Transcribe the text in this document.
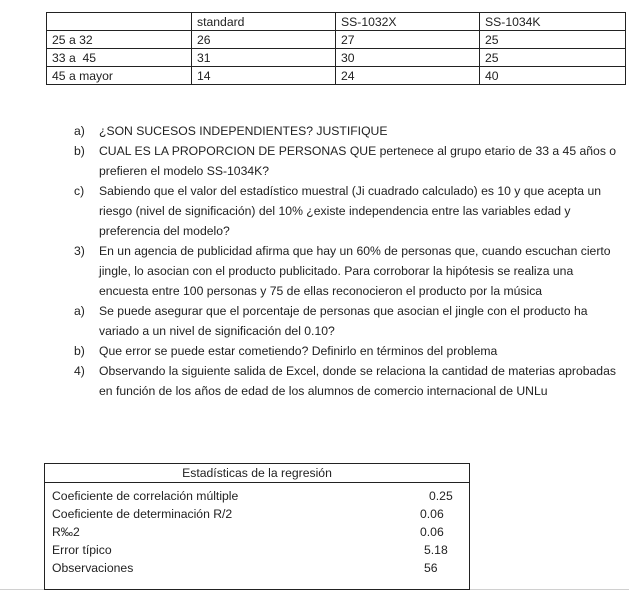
	standard	SS-1032X	SS-1034K
25 a 32	26	27	25
33 a  45	31	30	25
45 a mayor	14	24	40
a)	¿SON SUCESOS INDEPENDIENTES? JUSTIFIQUE
b)	CUAL ES LA PROPORCION DE PERSONAS QUE pertenece al grupo etario de 33 a 45 años o prefieren el modelo SS-1034K?
c)	Sabiendo que el valor del estadístico muestral (Ji cuadrado calculado) es 10 y que acepta un riesgo (nivel de significación) del 10% ¿existe independencia entre las variables edad y preferencia del modelo?
3)	En un agencia de publicidad afirma que hay un 60% de personas que, cuando escuchan cierto jingle, lo asocian con el producto publicitado. Para corroborar la hipótesis se realiza una encuesta entre 100 personas y 75 de ellas reconocieron el producto por la música
a)	Se puede asegurar que el porcentaje de personas que asocian el jingle con el producto ha variado a un nivel de significación del 0.10?
b)	Que error se puede estar cometiendo? Definirlo en términos del problema
4)	Observando la siguiente salida de Excel, donde se relaciona la cantidad de materias aprobadas en función de los años de edad de los alumnos de comercio internacional de UNLu
Estadísticas de la regresión
Coeficiente de correlación múltiple	0.25
Coeficiente de determinación R/2	0.06
R‰2	0.06
Error típico	5.18
Observaciones	56
